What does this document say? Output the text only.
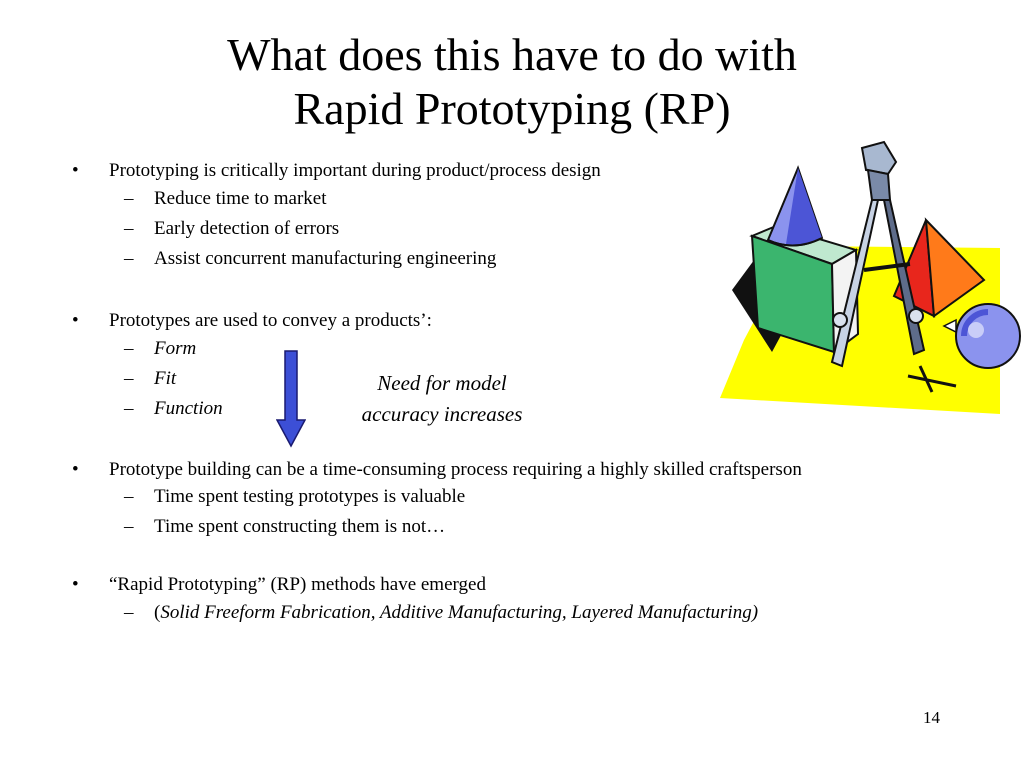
What does this have to do with
Rapid Prototyping (RP)
• Prototyping is critically important during product/process design
– Reduce time to market
– Early detection of errors
– Assist concurrent manufacturing engineering
• Prototypes are used to convey a products’:
– Form
– Fit
– Function
• Prototype building can be a time-consuming process requiring a highly skilled craftsperson
– Time spent testing prototypes is valuable
– Time spent constructing them is not…
• “Rapid Prototyping” (RP) methods have emerged
– (Solid Freeform Fabrication, Additive Manufacturing, Layered Manufacturing)
Need for model
accuracy increases
14
